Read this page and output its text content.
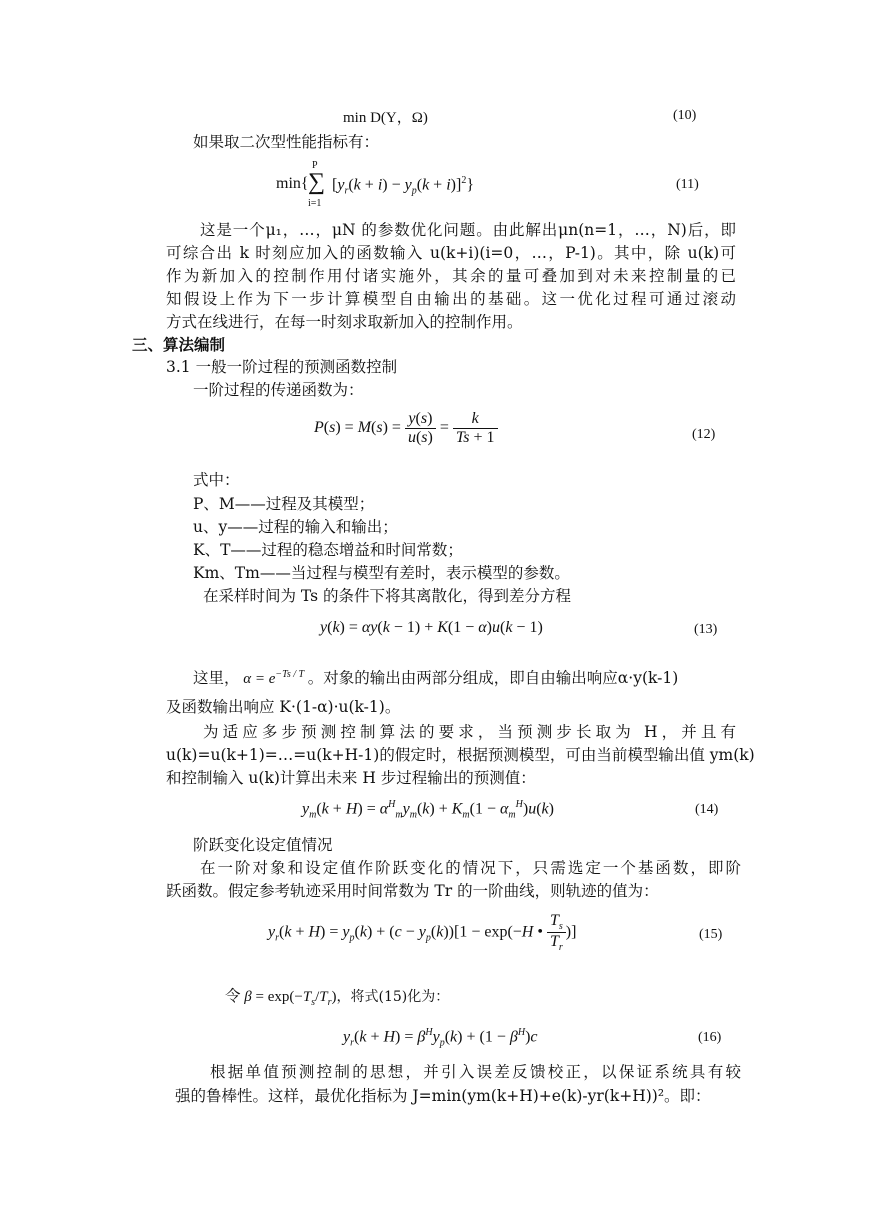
min D(Y，Ω)	(10)
如果取二次型性能指标有：
min{
P
∑
i=1
$[y_r(k + i) - y_p(k + i)]^2$}	(11)
这是一个μ₁，…，μN 的参数优化问题。由此解出μn(n=1，…，N)后，即
可综合出 k 时刻应加入的函数输入 u(k+i)(i=0，…，P-1)。其中，除 u(k)可
作为新加入的控制作用付诸实施外，其余的量可叠加到对未来控制量的已
知假设上作为下一步计算模型自由输出的基础。这一优化过程可通过滚动
方式在线进行，在每一时刻求取新加入的控制作用。
三、算法编制
3.1 一般一阶过程的预测函数控制
一阶过程的传递函数为：
$P(s) = M(s) = \frac{y(s)}{u(s)} = \frac{k}{Ts + 1}$	(12)
式中：
P、M——过程及其模型；
u、y——过程的输入和输出；
K、T——过程的稳态增益和时间常数；
Km、Tm——当过程与模型有差时，表示模型的参数。
在采样时间为 Ts 的条件下将其离散化，得到差分方程
y(k) = αy(k − 1) + K(1 − α)u(k − 1)	(13)
这里， $\alpha = e^{-Ts / T}$ 。对象的输出由两部分组成，即自由输出响应α·y(k-1)
及函数输出响应 K·(1-α)·u(k-1)。
为适应多步预测控制算法的要求，当预测步长取为 H，并且有
u(k)=u(k+1)=…=u(k+H-1)的假定时，根据预测模型，可由当前模型输出值 ym(k)
和控制输入 u(k)计算出未来 H 步过程输出的预测值：
$y_m(k + H) = \alpha^H_my_m(k) + K_m(1 - \alpha_m^H)u(k)$	(14)
阶跃变化设定值情况
在一阶对象和设定值作阶跃变化的情况下，只需选定一个基函数，即阶
跃函数。假定参考轨迹采用时间常数为 Tr 的一阶曲线，则轨迹的值为：
$y_r(k + H) = y_p(k) + (c - y_p(k))[1 - \exp(-H$ • $\frac{T_s}{T_r}$ )]	(15)
令 $\beta = \exp(-T_s/T_r)$，将式(15)化为：
$y_r(k + H) = \beta^Hy_p(k) + (1 - \beta^H)c$	(16)
根据单值预测控制的思想，并引入误差反馈校正，以保证系统具有较
强的鲁棒性。这样，最优化指标为 J=min(ym(k+H)+e(k)-yr(k+H))²。即：
